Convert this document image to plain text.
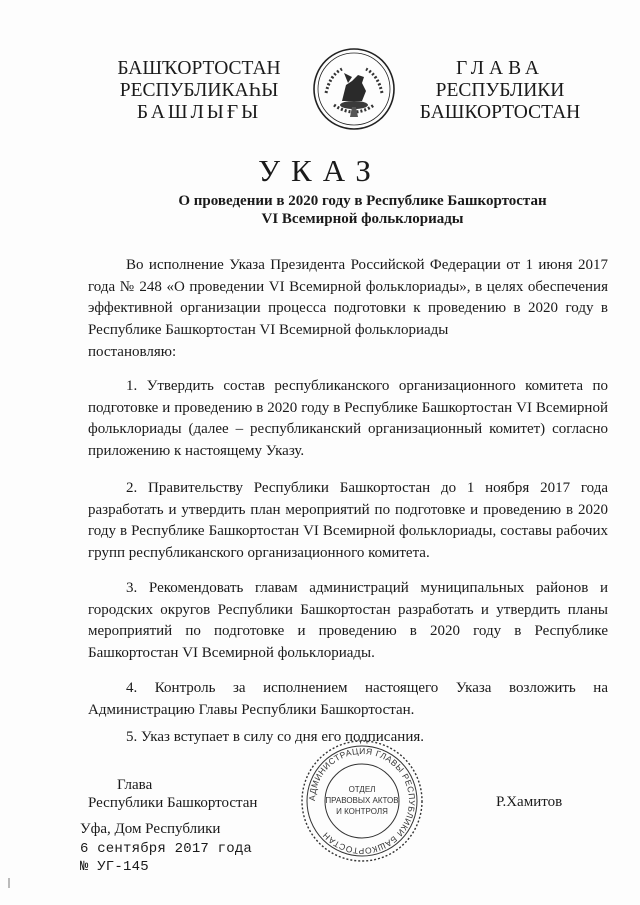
БАШҠОРТОСТАН
РЕСПУБЛИКАҺЫ
БАШЛЫҒЫ
ГЛАВА
РЕСПУБЛИКИ
БАШКОРТОСТАН
УКАЗ
О проведении в 2020 году в Республике Башкортостан
VI Всемирной фольклориады
Во исполнение Указа Президента Российской Федерации от 1 июня 2017 года № 248 «О проведении VI Всемирной фольклориады», в целях обеспечения эффективной организации процесса подготовки к проведению в 2020 году в Республике Башкортостан VI Всемирной фольклориады
постановляю:
1. Утвердить состав республиканского организационного комитета по подготовке и проведению в 2020 году в Республике Башкортостан VI Всемирной фольклориады (далее – республиканский организационный комитет) согласно приложению к настоящему Указу.
2. Правительству Республики Башкортостан до 1 ноября 2017 года разработать и утвердить план мероприятий по подготовке и проведению в 2020 году в Республике Башкортостан VI Всемирной фольклориады, составы рабочих групп республиканского организационного комитета.
3. Рекомендовать главам администраций муниципальных районов и городских округов Республики Башкортостан разработать и утвердить планы мероприятий по подготовке и проведению в 2020 году в Республике Башкортостан VI Всемирной фольклориады.
4. Контроль за исполнением настоящего Указа возложить на Администрацию Главы Республики Башкортостан.
5. Указ вступает в силу со дня его подписания.
Глава
Республики Башкортостан	АДМИНИСТРАЦИЯ ГЛАВЫ РЕСПУБЛИКИ БАШКОРТОСТАН
ОТДЕЛ
ПРАВОВЫХ АКТОВ
И КОНТРОЛЯ
Р.Хамитов
Уфа, Дом Республики
6 сентября 2017 года
№ УГ-145
